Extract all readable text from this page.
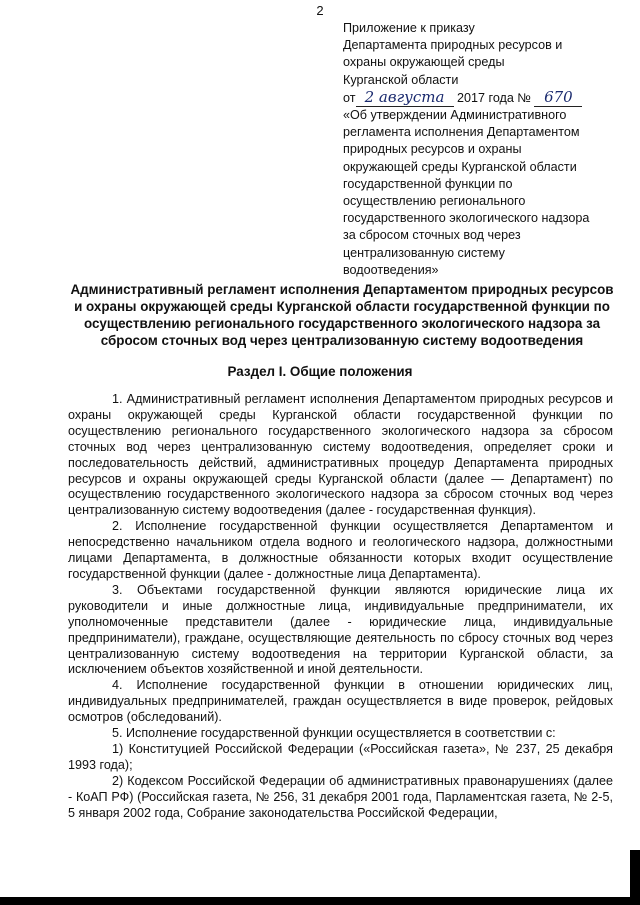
2
Приложение к приказу
Департамента природных ресурсов и
охраны окружающей среды
Курганской области
от 2 августа 2017 года № 670
«Об утверждении Административного
регламента исполнения Департаментом
природных ресурсов и охраны
окружающей среды Курганской области
государственной функции по
осуществлению регионального
государственного экологического надзора
за сбросом сточных вод через
централизованную систему
водоотведения»
Административный регламент исполнения Департаментом природных ресурсов и охраны окружающей среды Курганской области государственной функции по осуществлению регионального государственного экологического надзора за сбросом сточных вод через централизованную систему водоотведения
Раздел I. Общие положения

1. Административный регламент исполнения Департаментом природных ресурсов и охраны окружающей среды Курганской области государственной функции по осуществлению регионального государственного экологического надзора за сбросом сточных вод через централизованную систему водоотведения, определяет сроки и последовательность действий, административных процедур Департамента природных ресурсов и охраны окружающей среды Курганской области (далее — Департамент) по осуществлению государственного экологического надзора за сбросом сточных вод через централизованную систему водоотведения (далее - государственная функция).

2. Исполнение государственной функции осуществляется Департаментом и непосредственно начальником отдела водного и геологического надзора, должностными лицами Департамента, в должностные обязанности которых входит осуществление государственной функции (далее - должностные лица Департамента).

3. Объектами государственной функции являются юридические лица их руководители и иные должностные лица, индивидуальные предприниматели, их уполномоченные представители (далее - юридические лица, индивидуальные предприниматели), граждане, осуществляющие деятельность по сбросу сточных вод через централизованную систему водоотведения на территории Курганской области, за исключением объектов хозяйственной и иной деятельности.

4. Исполнение государственной функции в отношении юридических лиц, индивидуальных предпринимателей, граждан осуществляется в виде проверок, рейдовых осмотров (обследований).

5. Исполнение государственной функции осуществляется в соответствии с:

1) Конституцией Российской Федерации («Российская газета», № 237, 25 декабря 1993 года);

2) Кодексом Российской Федерации об административных правонарушениях (далее - КоАП РФ) (Российская газета, № 256, 31 декабря 2001 года, Парламентская газета, № 2-5, 5 января 2002 года, Собрание законодательства Российской Федерации,
